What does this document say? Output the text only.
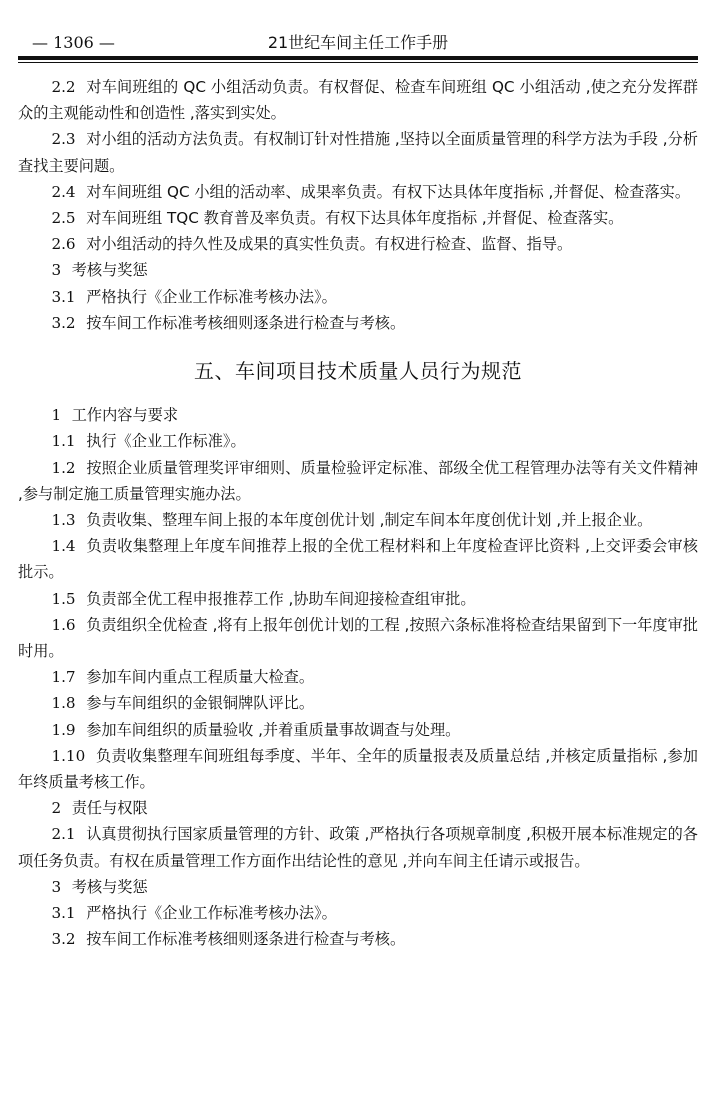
— 1306 —	21世纪车间主任工作手册

2.2 对车间班组的 QC 小组活动负责。有权督促、检查车间班组 QC 小组活动 ,使之充分发挥群众的主观能动性和创造性 ,落实到实处。

2.3 对小组的活动方法负责。有权制订针对性措施 ,坚持以全面质量管理的科学方法为手段 ,分析查找主要问题。

2.4 对车间班组 QC 小组的活动率、成果率负责。有权下达具体年度指标 ,并督促、检查落实。

2.5 对车间班组 TQC 教育普及率负责。有权下达具体年度指标 ,并督促、检查落实。

2.6 对小组活动的持久性及成果的真实性负责。有权进行检查、监督、指导。

3 考核与奖惩

3.1 严格执行《企业工作标准考核办法》。

3.2 按车间工作标准考核细则逐条进行检查与考核。

五、车间项目技术质量人员行为规范

1 工作内容与要求

1.1 执行《企业工作标准》。

1.2 按照企业质量管理奖评审细则、质量检验评定标准、部级全优工程管理办法等有关文件精神 ,参与制定施工质量管理实施办法。

1.3 负责收集、整理车间上报的本年度创优计划 ,制定车间本年度创优计划 ,并上报企业。

1.4 负责收集整理上年度车间推荐上报的全优工程材料和上年度检查评比资料 ,上交评委会审核批示。

1.5 负责部全优工程申报推荐工作 ,协助车间迎接检查组审批。

1.6 负责组织全优检查 ,将有上报年创优计划的工程 ,按照六条标准将检查结果留到下一年度审批时用。

1.7 参加车间内重点工程质量大检查。

1.8 参与车间组织的金银铜牌队评比。

1.9 参加车间组织的质量验收 ,并着重质量事故调查与处理。

1.10 负责收集整理车间班组每季度、半年、全年的质量报表及质量总结 ,并核定质量指标 ,参加年终质量考核工作。

2 责任与权限

2.1 认真贯彻执行国家质量管理的方针、政策 ,严格执行各项规章制度 ,积极开展本标准规定的各项任务负责。有权在质量管理工作方面作出结论性的意见 ,并向车间主任请示或报告。

3 考核与奖惩

3.1 严格执行《企业工作标准考核办法》。

3.2 按车间工作标准考核细则逐条进行检查与考核。
